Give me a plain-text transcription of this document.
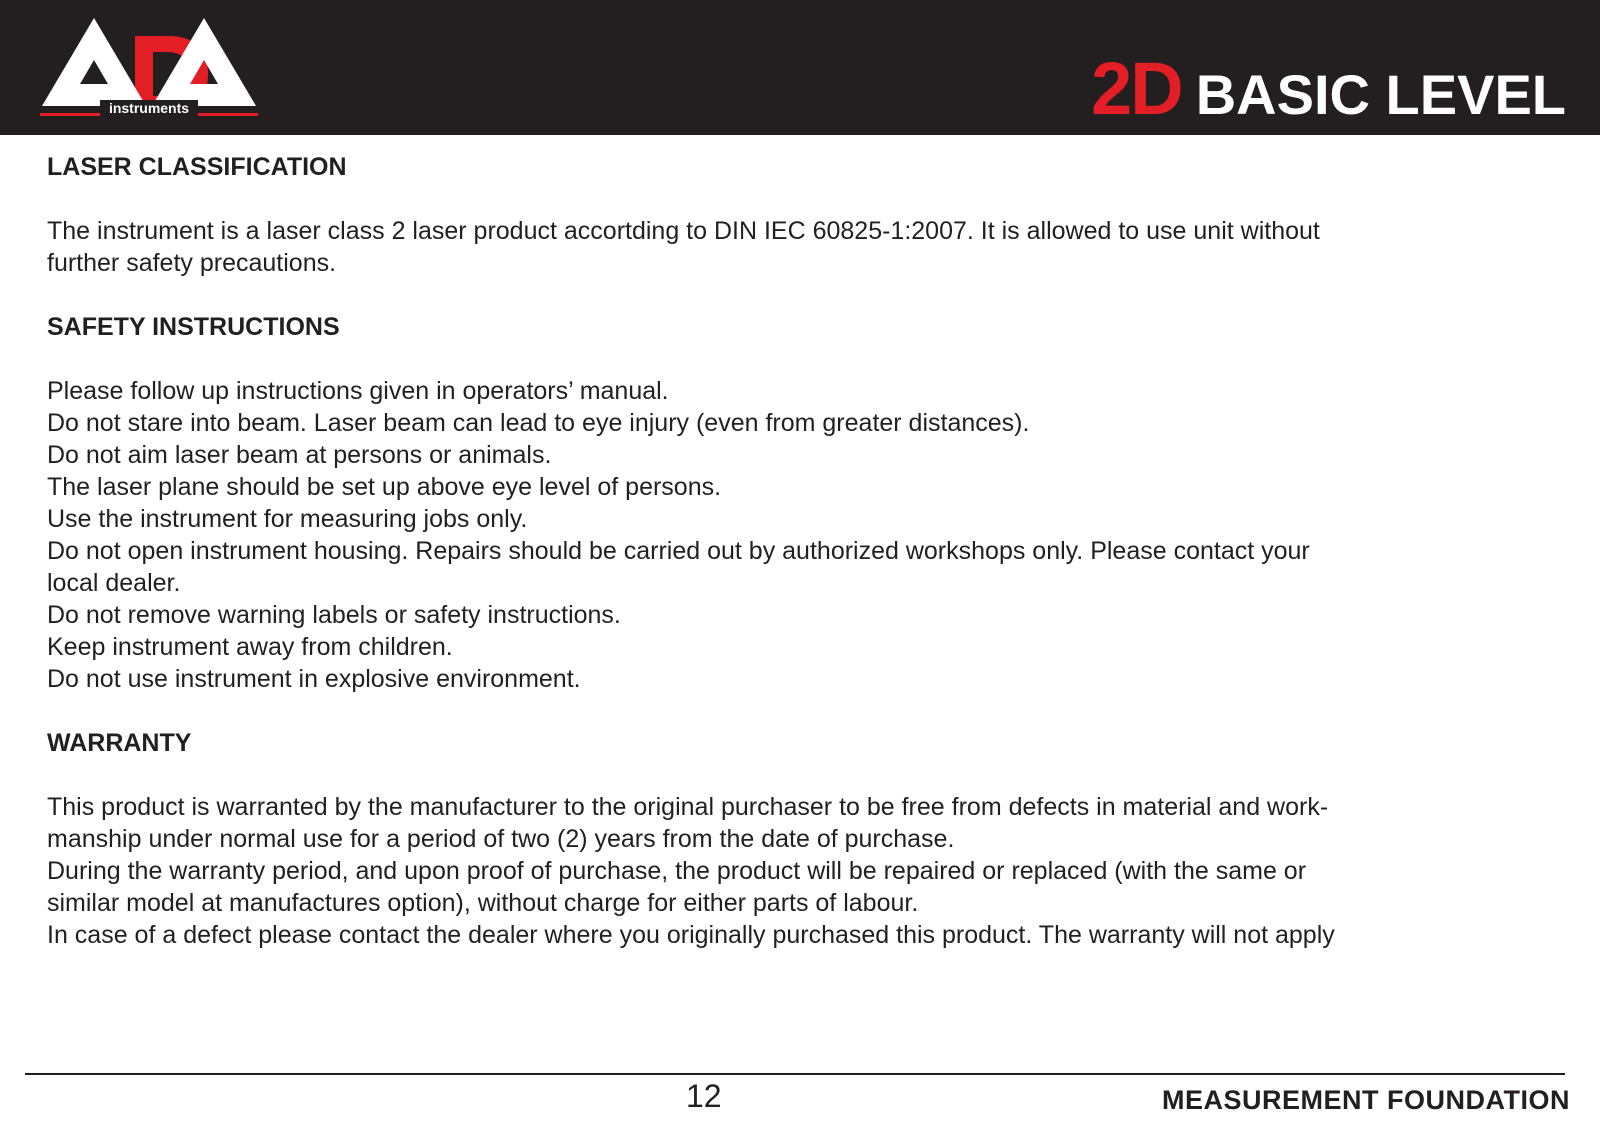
instruments	2D BASIC LEVEL
LASER CLASSIFICATION

The instrument is a laser class 2 laser product accortding to DIN IEC 60825-1:2007. It is allowed to use unit without

further safety precautions.

SAFETY INSTRUCTIONS

Please follow up instructions given in operators’ manual.

Do not stare into beam. Laser beam can lead to eye injury (even from greater distances).

Do not aim laser beam at persons or animals.

The laser plane should be set up above eye level of persons.

Use the instrument for measuring jobs only.

Do not open instrument housing. Repairs should be carried out by authorized workshops only. Please contact your

local dealer.

Do not remove warning labels or safety instructions.

Keep instrument away from children.

Do not use instrument in explosive environment.

WARRANTY

This product is warranted by the manufacturer to the original purchaser to be free from defects in material and work-

manship under normal use for a period of two (2) years from the date of purchase.

During the warranty period, and upon proof of purchase, the product will be repaired or replaced (with the same or

similar model at manufactures option), without charge for either parts of labour.

In case of a defect please contact the dealer where you originally purchased this product. The warranty will not apply

12	MEASUREMENT FOUNDATION
